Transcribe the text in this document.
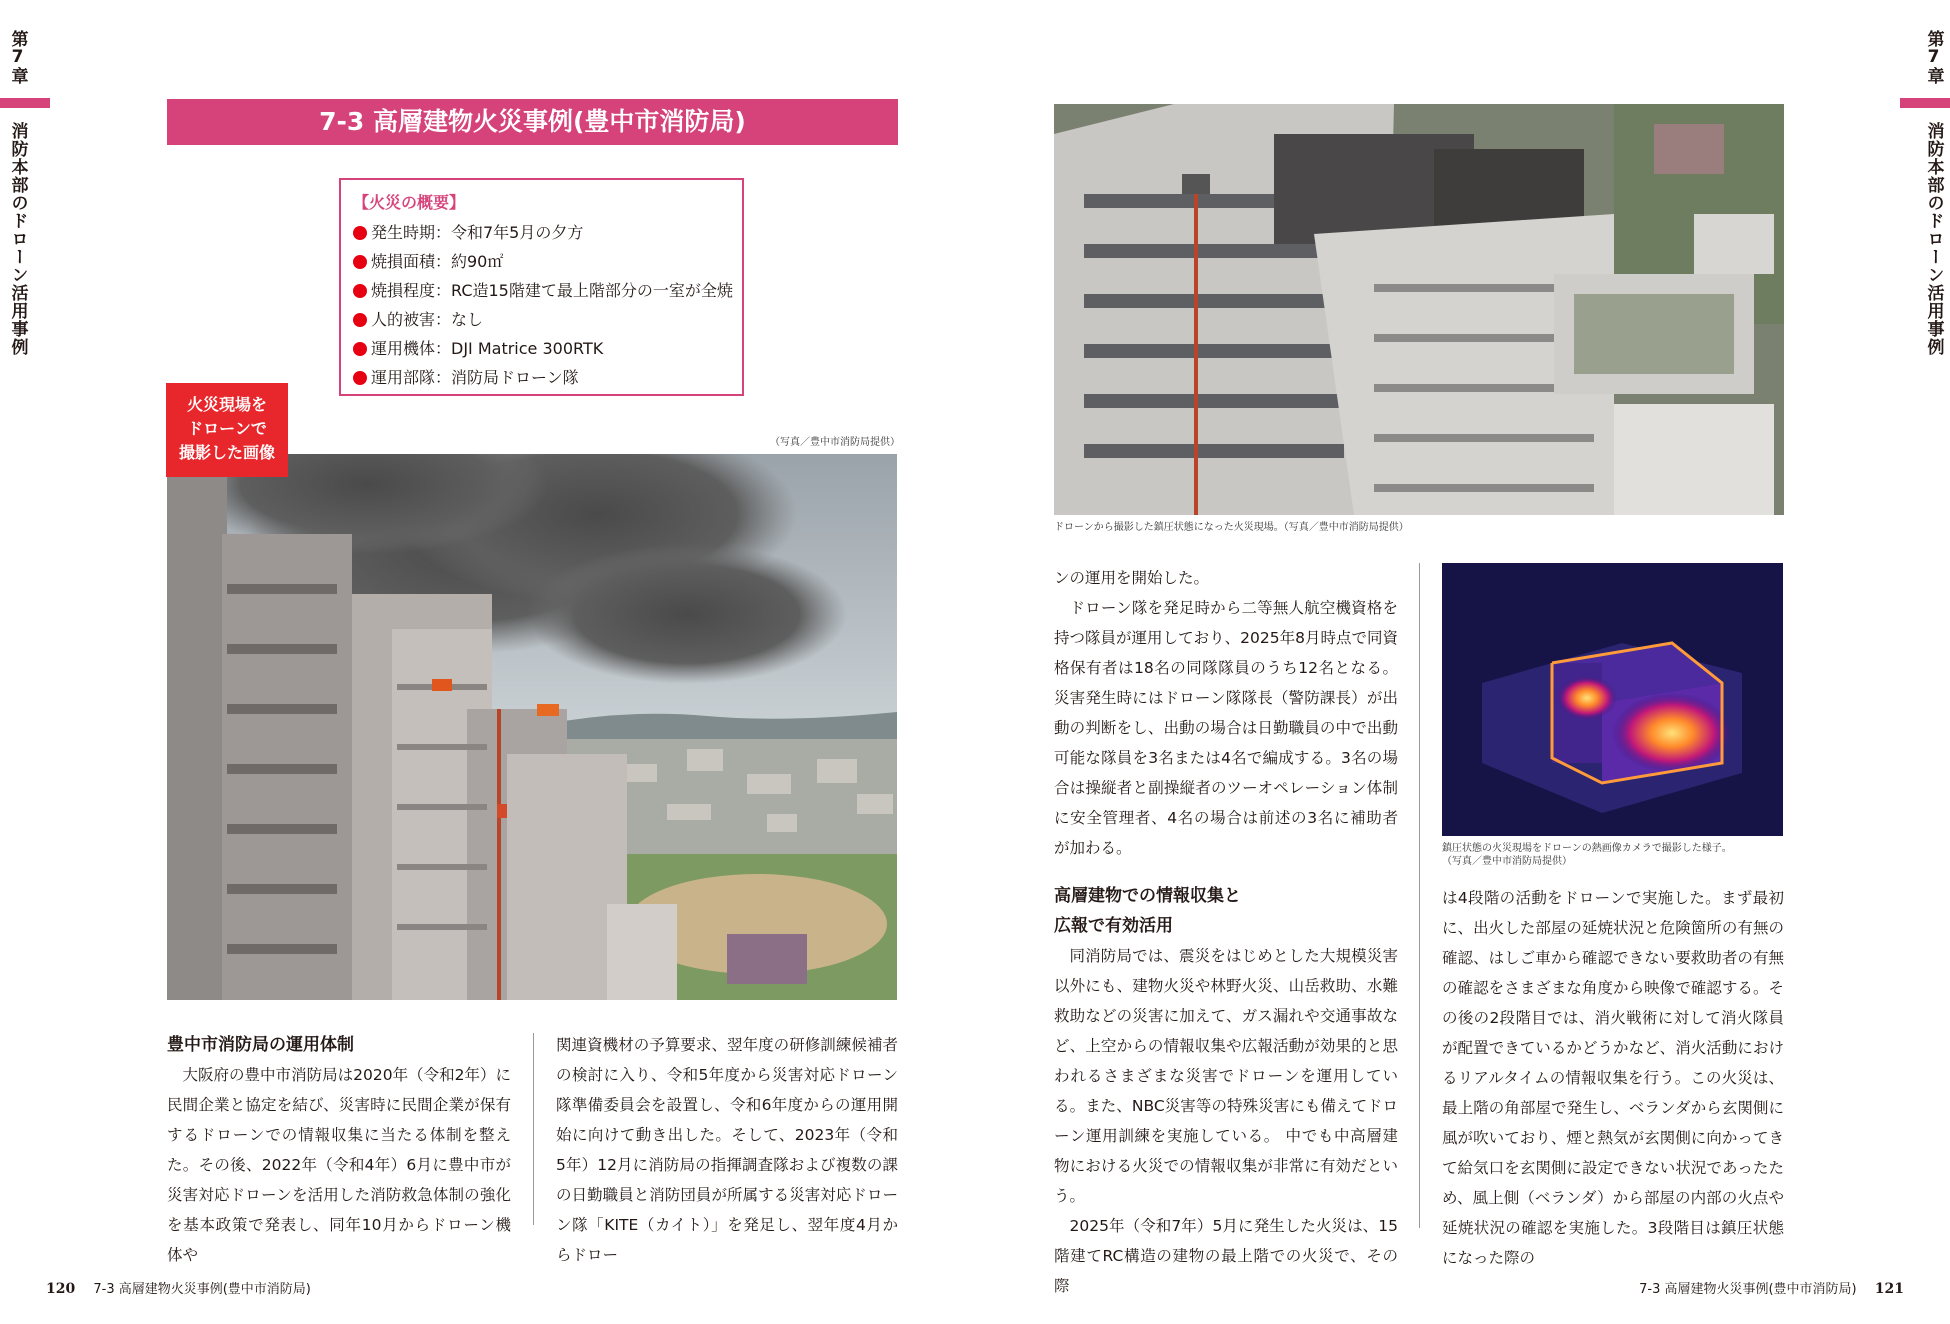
第7章
消防本部のドローン活用事例
第7章
消防本部のドローン活用事例
7-3 高層建物火災事例(豊中市消防局)
【火災の概要】
発生時期：令和7年5月の夕方
焼損面積：約90㎡
焼損程度：RC造15階建て最上階部分の一室が全焼
人的被害：なし
運用機体：DJI Matrice 300RTK
運用部隊：消防局ドローン隊
火災現場を
ドローンで
撮影した画像
（写真／豊中市消防局提供）
ドローンから撮影した鎮圧状態になった火災現場。（写真／豊中市消防局提供）
鎮圧状態の火災現場をドローンの熱画像カメラで撮影した様子。
（写真／豊中市消防局提供）
豊中市消防局の運用体制

大阪府の豊中市消防局は2020年（令和2年）に民間企業と協定を結び、災害時に民間企業が保有するドローンでの情報収集に当たる体制を整えた。その後、2022年（令和4年）6月に豊中市が災害対応ドローンを活用した消防救急体制の強化を基本政策で発表し、同年10月からドローン機体や

関連資機材の予算要求、翌年度の研修訓練候補者の検討に入り、令和5年度から災害対応ドローン隊準備委員会を設置し、令和6年度からの運用開始に向けて動き出した。そして、2023年（令和5年）12月に消防局の指揮調査隊および複数の課の日勤職員と消防団員が所属する災害対応ドローン隊「KITE（カイト）」を発足し、翌年度4月からドロー

ンの運用を開始した。

ドローン隊を発足時から二等無人航空機資格を持つ隊員が運用しており、2025年8月時点で同資格保有者は18名の同隊隊員のうち12名となる。災害発生時にはドローン隊隊長（警防課長）が出動の判断をし、出動の場合は日勤職員の中で出動可能な隊員を3名または4名で編成する。3名の場合は操縦者と副操縦者のツーオペレーション体制に安全管理者、4名の場合は前述の3名に補助者が加わる。

高層建物での情報収集と
広報で有効活用

同消防局では、震災をはじめとした大規模災害以外にも、建物火災や林野火災、山岳救助、水難救助などの災害に加えて、ガス漏れや交通事故など、上空からの情報収集や広報活動が効果的と思われるさまざまな災害でドローンを運用している。また、NBC災害等の特殊災害にも備えてドローン運用訓練を実施している。 中でも中高層建物における火災での情報収集が非常に有効だという。

2025年（令和7年）5月に発生した火災は、15階建てRC構造の建物の最上階での火災で、その際

は4段階の活動をドローンで実施した。まず最初に、出火した部屋の延焼状況と危険箇所の有無の確認、はしご車から確認できない要救助者の有無の確認をさまざまな角度から映像で確認する。その後の2段階目では、消火戦術に対して消火隊員が配置できているかどうかなど、消火活動におけるリアルタイムの情報収集を行う。この火災は、最上階の角部屋で発生し、ベランダから玄関側に風が吹いており、煙と熱気が玄関側に向かってきて給気口を玄関側に設定できない状況であったため、風上側（ベランダ）から部屋の内部の火点や延焼状況の確認を実施した。3段階目は鎮圧状態になった際の

120 7-3 高層建物火災事例(豊中市消防局)	7-3 高層建物火災事例(豊中市消防局) 121
